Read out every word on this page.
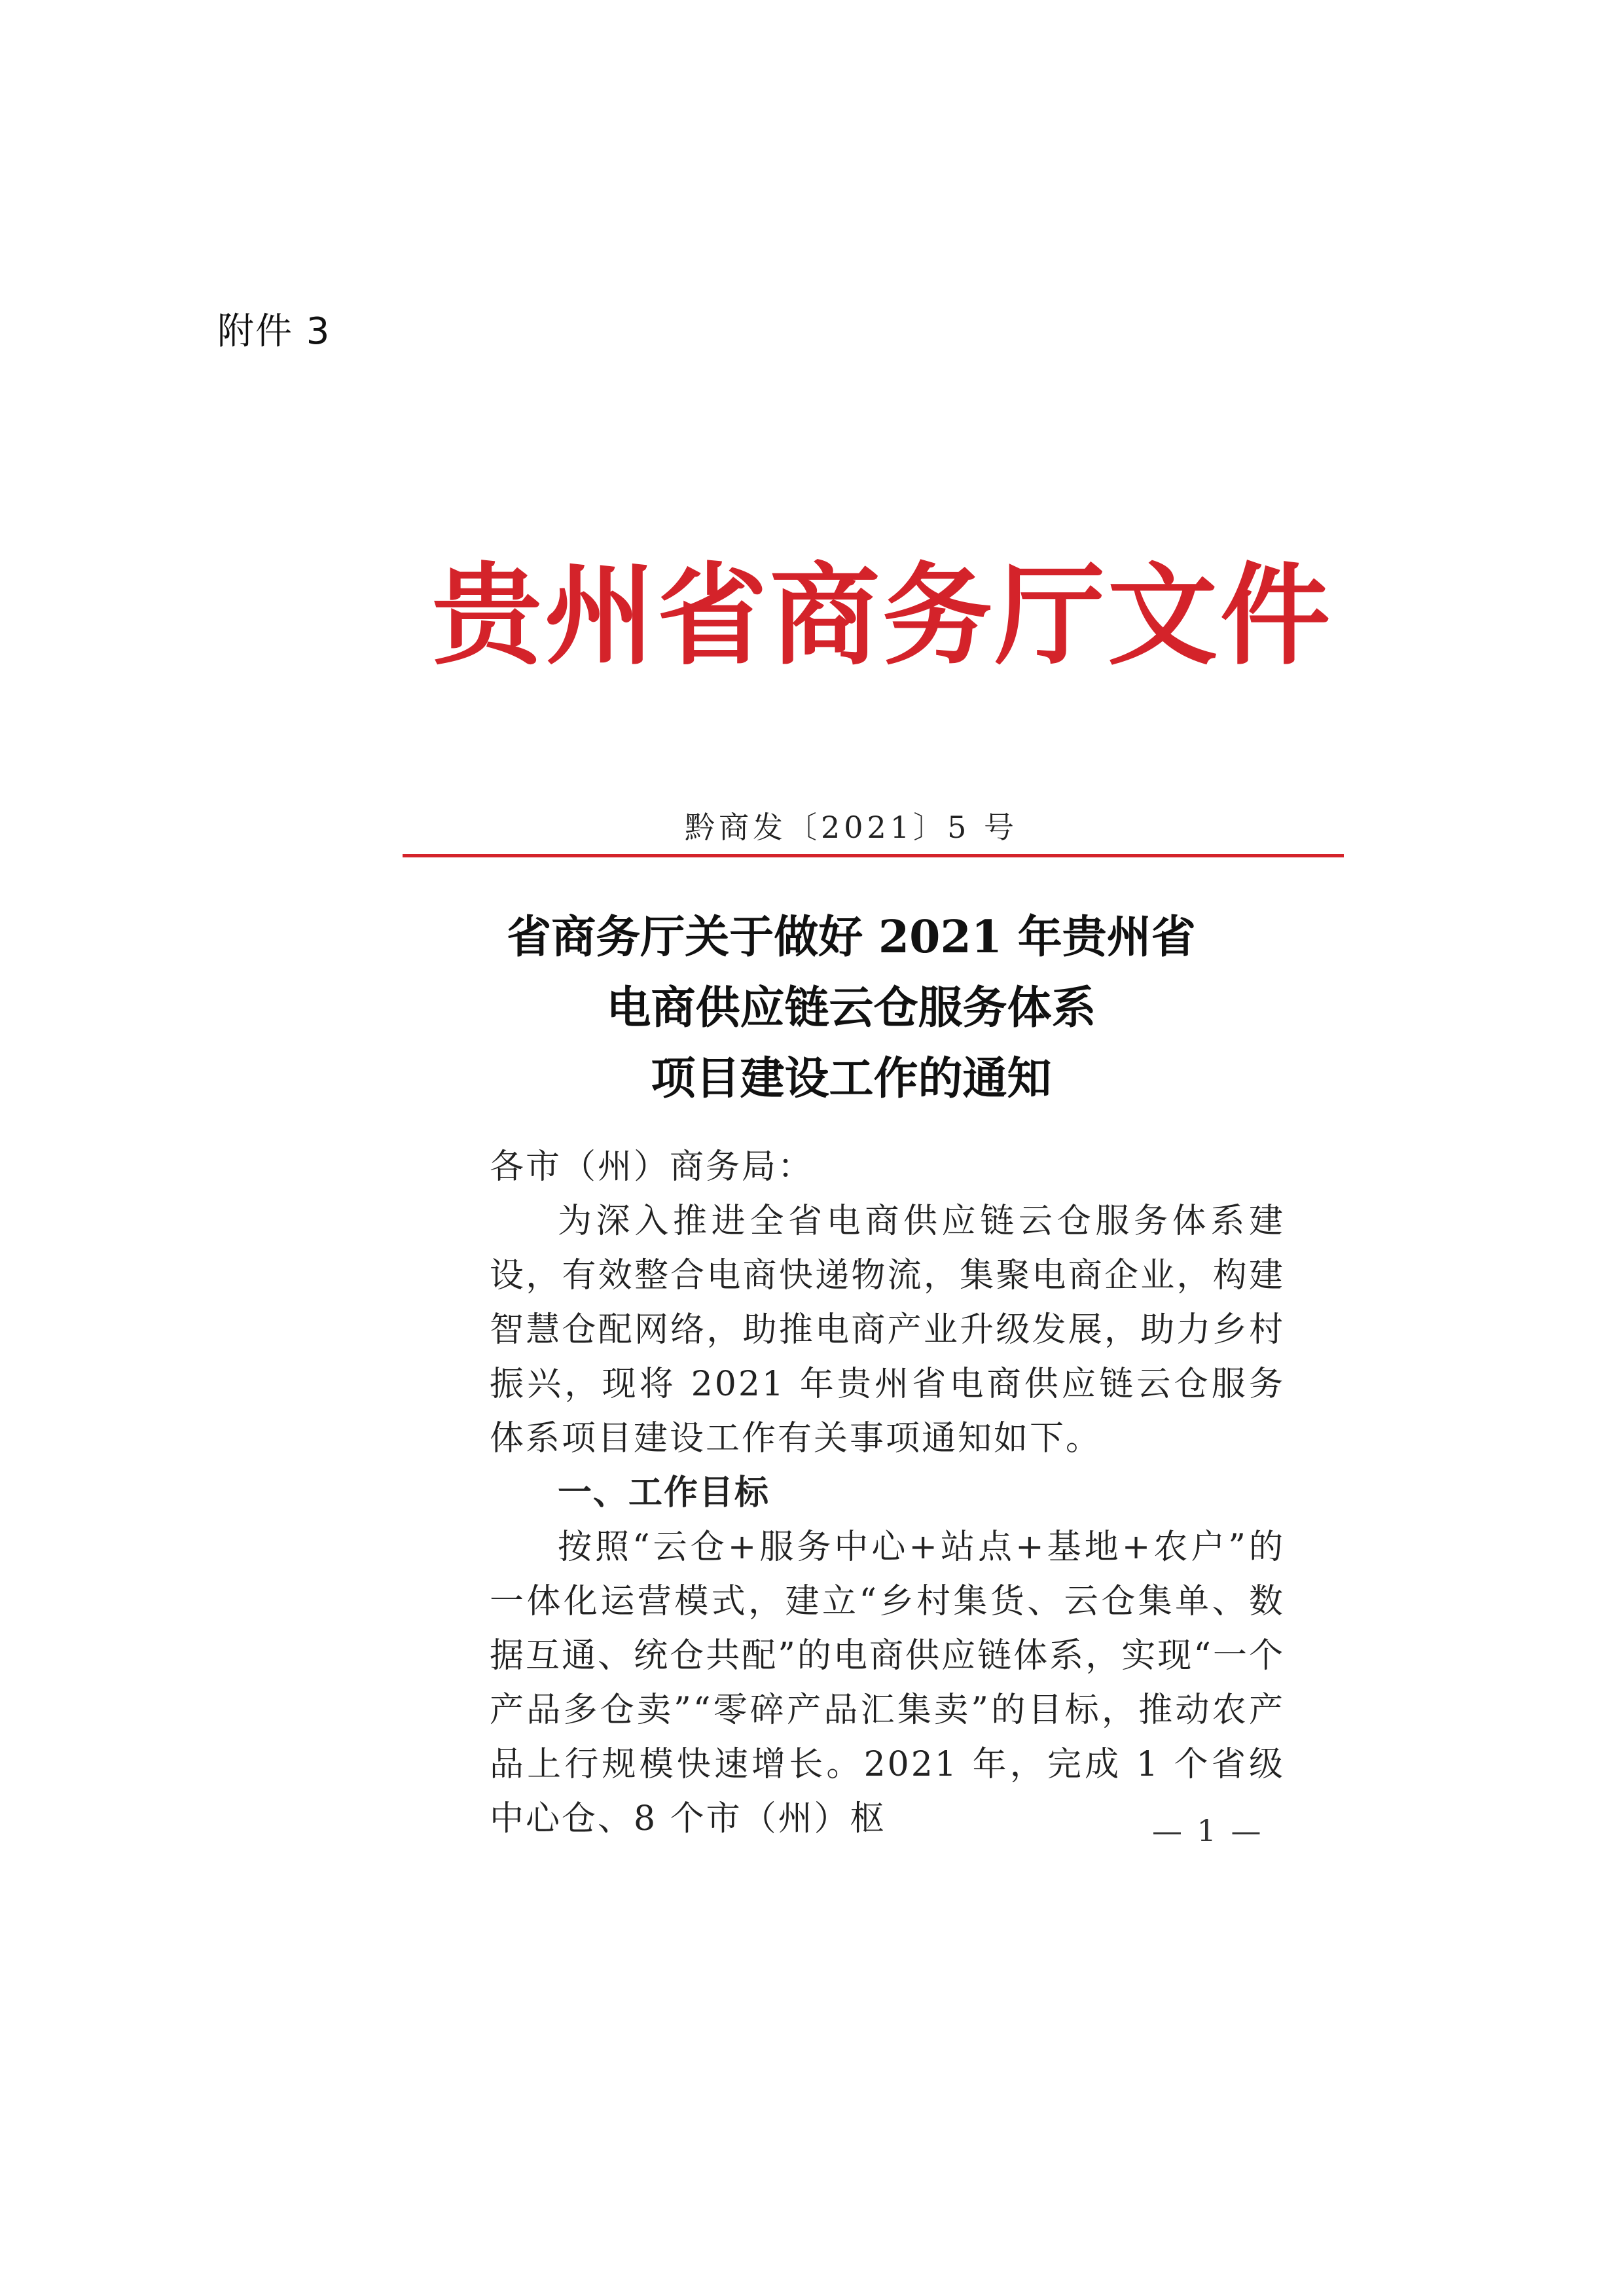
附件 3
贵州省商务厅文件
黔商发〔2021〕5 号
省商务厅关于做好 2021 年贵州省
电商供应链云仓服务体系
项目建设工作的通知

各市（州）商务局：

为深入推进全省电商供应链云仓服务体系建设，有效整合电商快递物流，集聚电商企业，构建智慧仓配网络，助推电商产业升级发展，助力乡村振兴，现将 2021 年贵州省电商供应链云仓服务体系项目建设工作有关事项通知如下。

一、工作目标

按照“云仓+服务中心+站点+基地+农户”的一体化运营模式，建立“乡村集货、云仓集单、数据互通、统仓共配”的电商供应链体系，实现“一个产品多仓卖”“零碎产品汇集卖”的目标，推动农产品上行规模快速增长。2021 年，完成 1 个省级中心仓、8 个市（州）枢	— 1 —
